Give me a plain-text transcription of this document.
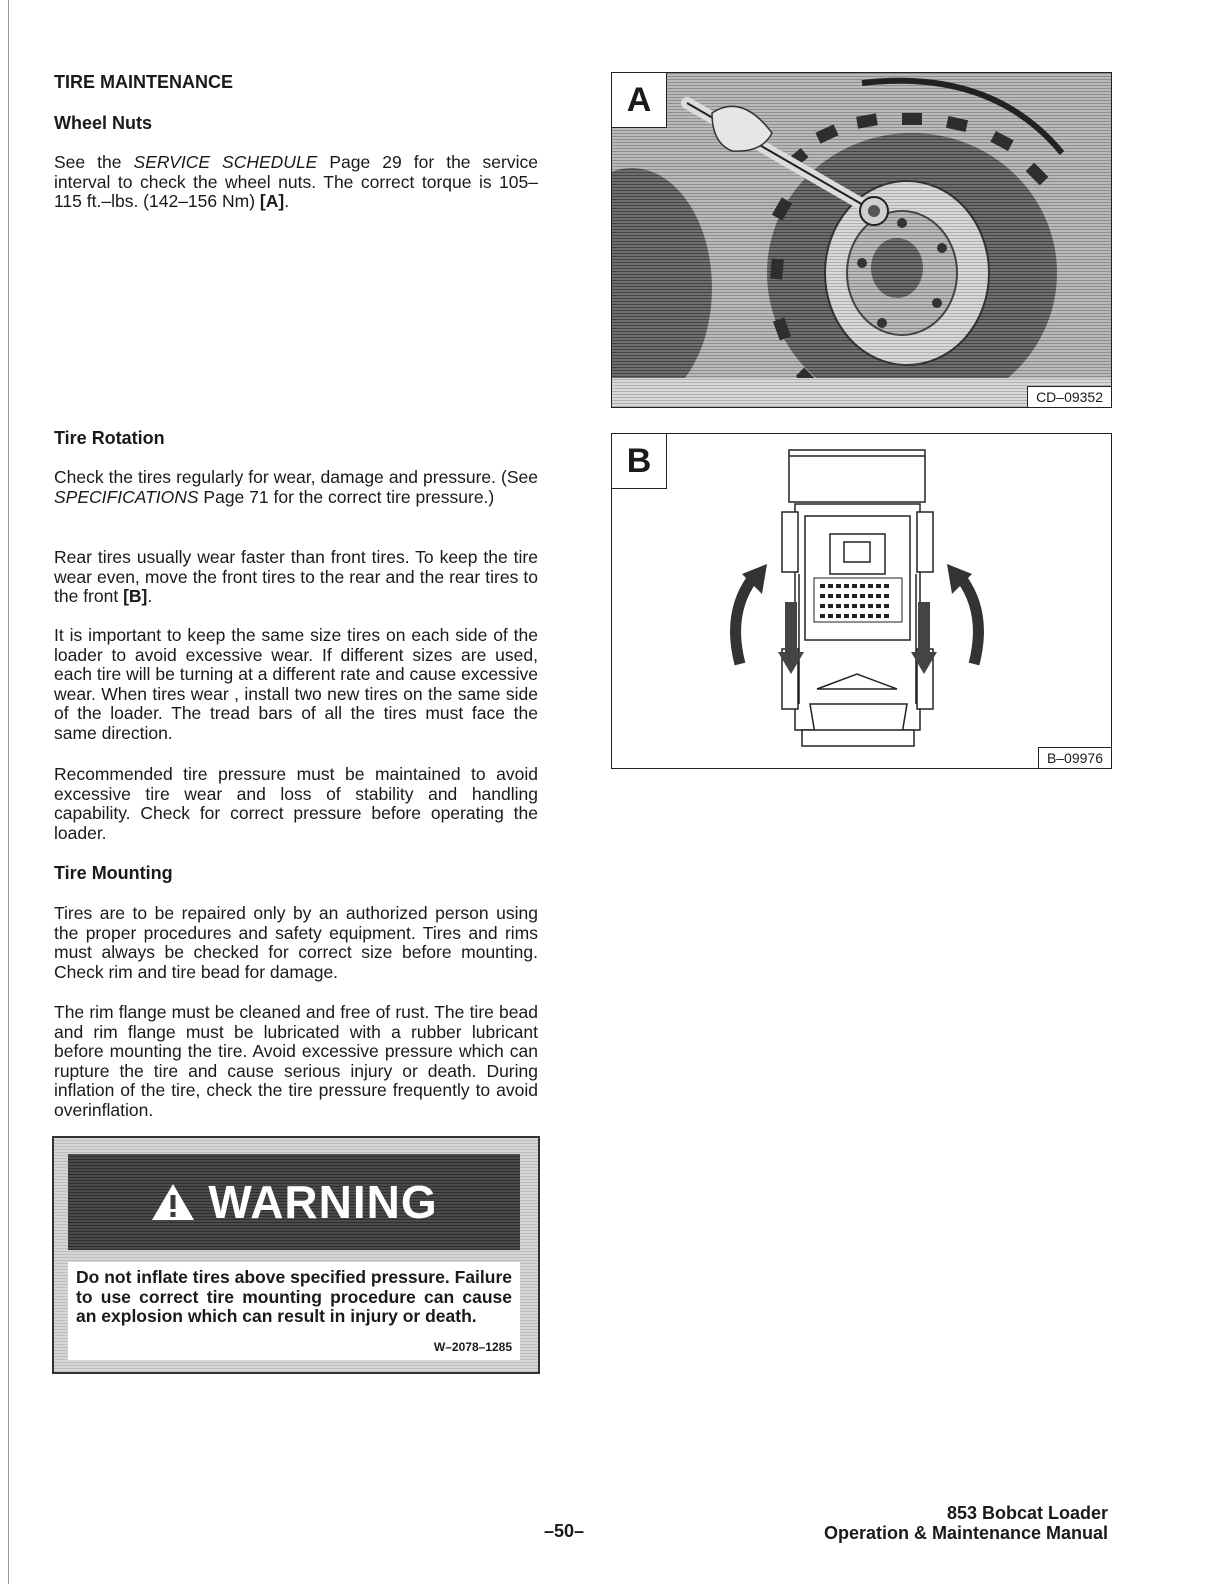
TIRE MAINTENANCE
Wheel Nuts

See the SERVICE SCHEDULE Page 29 for the service interval to check the wheel nuts. The correct torque is 105–115 ft.–lbs. (142–156 Nm) [A].

Tire Rotation

Check the tires regularly for wear, damage and pressure. (See SPECIFICATIONS Page 71 for the correct tire pressure.)

Rear tires usually wear faster than front tires. To keep the tire wear even, move the front tires to the rear and the rear tires to the front [B].

It is important to keep the same size tires on each side of the loader to avoid excessive wear. If different sizes are used, each tire will be turning at a different rate and cause excessive wear. When tires wear , install two new tires on the same side of the loader. The tread bars of all the tires must face the same direction.

Recommended tire pressure must be maintained to avoid excessive tire wear and loss of stability and handling capability. Check for correct pressure before operating the loader.

Tire Mounting

Tires are to be repaired only by an authorized person using the proper procedures and safety equipment. Tires and rims must always be checked for correct size before mounting. Check rim and tire bead for damage.

The rim flange must be cleaned and free of rust. The tire bead and rim flange must be lubricated with a rubber lubricant before mounting the tire. Avoid excessive pressure which can rupture the tire and cause serious injury or death. During inflation of the tire, check the tire pressure frequently to avoid overinflation.

WARNING

Do not inflate tires above specified pressure. Failure to use correct tire mounting procedure can cause an explosion which can result in injury or death.

W–2078–1285
A
CD–09352
B
B–09976
–50–
853 Bobcat Loader
Operation & Maintenance Manual
